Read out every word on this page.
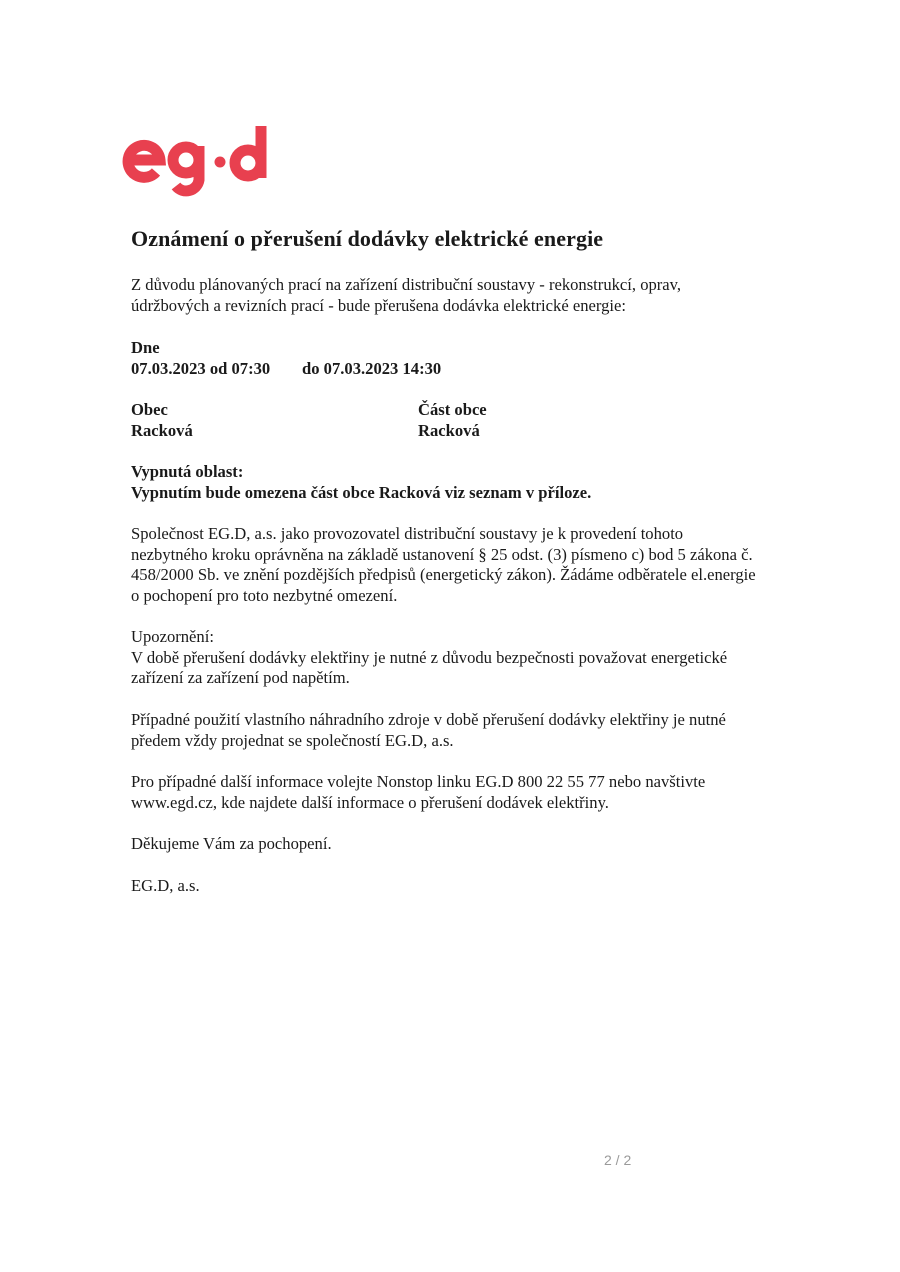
Oznámení o přerušení dodávky elektrické energie

Z důvodu plánovaných prací na zařízení distribuční soustavy - rekonstrukcí, oprav,

údržbových a revizních prací - bude přerušena dodávka elektrické energie:

Dne
07.03.2023 od 07:30 do 07.03.2023 14:30
Obec
Racková
Část obce
Racková
Vypnutá oblast:
Vypnutím bude omezena část obce Racková viz seznam v příloze.

Společnost EG.D, a.s. jako provozovatel distribuční soustavy je k provedení tohoto

nezbytného kroku oprávněna na základě ustanovení § 25 odst. (3) písmeno c) bod 5 zákona č.

458/2000 Sb. ve znění pozdějších předpisů (energetický zákon). Žádáme odběratele el.energie

o pochopení pro toto nezbytné omezení.

Upozornění:

V době přerušení dodávky elektřiny je nutné z důvodu bezpečnosti považovat energetické

zařízení za zařízení pod napětím.

Případné použití vlastního náhradního zdroje v době přerušení dodávky elektřiny je nutné

předem vždy projednat se společností EG.D, a.s.

Pro případné další informace volejte Nonstop linku EG.D 800 22 55 77 nebo navštivte

www.egd.cz, kde najdete další informace o přerušení dodávek elektřiny.

Děkujeme Vám za pochopení.
EG.D, a.s.
2 / 2
